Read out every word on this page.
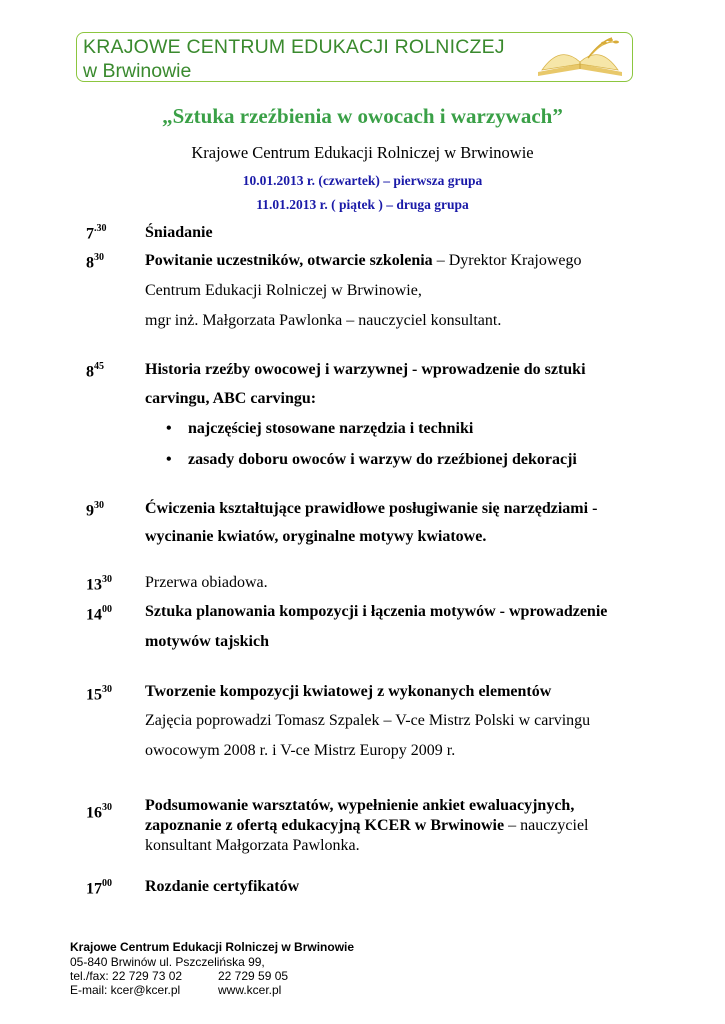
KRAJOWE CENTRUM EDUKACJI ROLNICZEJ
w Brwinowie
„Sztuka rzeźbienia w owocach i warzywach”
Krajowe Centrum Edukacji Rolniczej w Brwinowie
10.01.2013 r. (czwartek) – pierwsza grupa
11.01.2013 r. ( piątek ) – druga grupa
$7^{.30}$ Śniadanie
$8^{30}$	Powitanie uczestników, otwarcie szkolenia – Dyrektor Krajowego
Centrum Edukacji Rolniczej w Brwinowie,
mgr inż. Małgorzata Pawlonka – nauczyciel konsultant.
$8^{45}$	Historia rzeźby owocowej i warzywnej - wprowadzenie do sztuki
carvingu, ABC carvingu:
• najczęściej stosowane narzędzia i techniki
• zasady doboru owoców i warzyw do rzeźbionej dekoracji
$9^{30}$	Ćwiczenia kształtujące prawidłowe posługiwanie się narzędziami -
wycinanie kwiatów, oryginalne motywy kwiatowe.
$13^{30}$ Przerwa obiadowa.
$14^{00}$ Sztuka planowania kompozycji i łączenia motywów - wprowadzenie
motywów tajskich
$15^{30}$ Tworzenie kompozycji kwiatowej z wykonanych elementów
Zajęcia poprowadzi Tomasz Szpalek – V-ce Mistrz Polski w carvingu
owocowym 2008 r. i V-ce Mistrz Europy 2009 r.
$16^{30}$ Podsumowanie warsztatów, wypełnienie ankiet ewaluacyjnych,
zapoznanie z ofertą edukacyjną KCER w Brwinowie – nauczyciel
konsultant Małgorzata Pawlonka.
$17^{00}$ Rozdanie certyfikatów
Krajowe Centrum Edukacji Rolniczej w Brwinowie
05-840 Brwinów ul. Pszczelińska 99,
tel./fax: 22 729 73 02	22 729 59 05
E-mail: kcer@kcer.pl	www.kcer.pl
